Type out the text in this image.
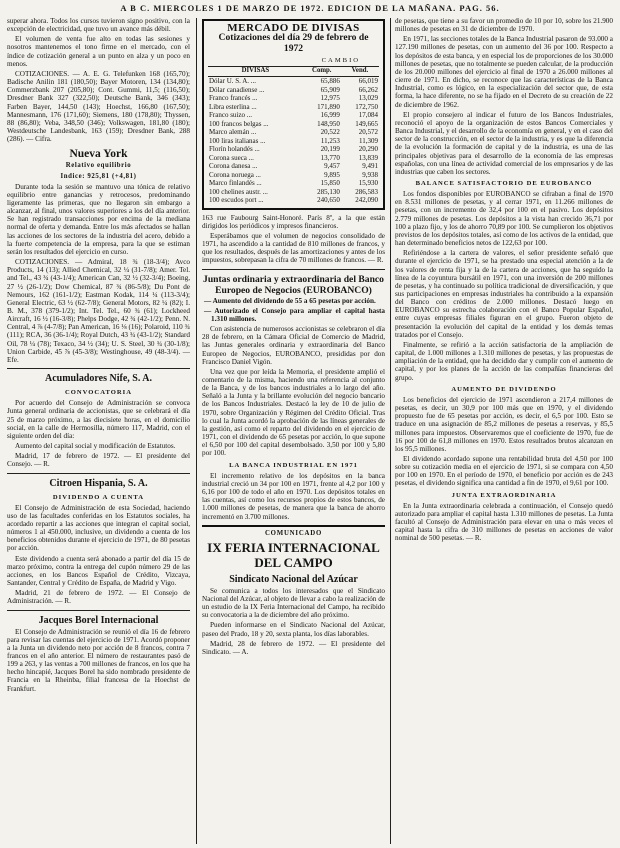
A B C. MIERCOLES 1 DE MARZO DE 1972. EDICION DE LA MAÑANA. PAG. 56.

superar ahora. Todos los cursos tuvieron signo positivo, con la excepción de electricidad, que tuvo un avance más débil.

El volumen de venta fue alto en todas las sesiones y nosotros mantenemos el tono firme en el mercado, con el índice de cotización general a un punto en alza y un poco en menos.

COTIZACIONES. — A. E. G. Telefunken 168 (165,70); Badische Anilin 181 (180,50); Bayer Motoren, 134 (134,80); Commerzbank 207 (205,80); Cont. Gummi, 11,5; (116,50); Dresdner Bank 327 (322,50); Deutsche Bank, 346 (343); Farben Bayer, 144,50 (143); Hoechst, 166,80 (167,50); Mannesmann, 176 (171,60); Siemens, 180 (178,80); Thyssen, 88 (86,80); Veba, 348,50 (346); Volkswagen, 181,80 (180); Westdeutsche Landesbank, 163 (159); Dresdner Bank, 288 (286). — Cifra.

Nueva York
Relativo equilibrio
Indice: 925,81 (+4,81)

Durante toda la sesión se mantuvo una tónica de relativo equilibrio entre ganancias y retrocesos, predominando ligeramente las primeras, que no llegaron sin embargo a alcanzar, al final, unos valores superiores a los del día anterior. Se han registrado transacciones por encima de la mediana normal de oferta y demanda. Entre los más afectados se hallan las acciones de los sectores de la industria del acero, debido a la fuerte competencia de la empresa, para la que se estiman serán los resultados del ejercicio en curso.

COTIZACIONES. — Admiral, 18 ¾ (18-3/4); Avco Products, 14 (13); Allied Chemical, 32 ¼ (31-7/8); Amer. Tel. and Tel., 43 ¾ (43-1/4); American Can, 32 ½ (32-3/4); Boeing, 27 ½ (26-1/2); Dow Chemical, 87 ¾ (86-5/8); Du Pont de Nemours, 162 (161-1/2); Eastman Kodak, 114 ¼ (113-3/4); General Electric, 63 ½ (62-7/8); General Motors, 82 ¼ (82); I. B. M., 378 (379-1/2); Int. Tel. Tel., 60 ¾ (61); Lockheed Aircraft, 16 ½ (16-3/8); Phelps Dodge, 42 ¾ (42-1/2); Penn. N. Central, 4 ⅞ (4-7/8); Pan American, 16 ⅛ (16); Polaroid, 110 ¾ (111); RCA, 36 (36-1/4); Royal Dutch, 43 ¾ (43-1/2); Standard Oil, 78 ¼ (78); Texaco, 34 ½ (34); U. S. Steel, 30 ¾ (30-1/8); Union Carbide, 45 ⅞ (45-3/8); Westinghouse, 49 (48-3/4). — Efe.

Acumuladores Nife, S. A.
CONVOCATORIA

Por acuerdo del Consejo de Administración se convoca Junta general ordinaria de accionistas, que se celebrará el día 25 de marzo próximo, a las diecisiete horas, en el domicilio social, en la calle de Hermosilla, número 117, Madrid, con el siguiente orden del día:

Aumento del capital social y modificación de Estatutos.

Madrid, 17 de febrero de 1972. — El presidente del Consejo. — R.

Citroen Hispania, S. A.
DIVIDENDO A CUENTA

El Consejo de Administración de esta Sociedad, haciendo uso de las facultades conferidas en los Estatutos sociales, ha acordado repartir a las acciones que integran el capital social, números 1 al 450.000, inclusive, un dividendo a cuenta de los beneficios obtenidos durante el ejercicio de 1971, de 80 pesetas por acción.

Este dividendo a cuenta será abonado a partir del día 15 de marzo próximo, contra la entrega del cupón número 29 de las acciones, en los Bancos Español de Crédito, Vizcaya, Santander, Central y Crédito de España, de Madrid y Vigo.

Madrid, 21 de febrero de 1972. — El Consejo de Administración. — R.

Jacques Borel Internacional

El Consejo de Administración se reunió el día 16 de febrero para revisar las cuentas del ejercicio de 1971. Acordó proponer a la Junta un dividendo neto por acción de 8 francos, contra 7 francos en el año anterior. El número de restaurantes pasó de 199 a 263, y las ventas a 700 millones de francos, en los que ha hecho hincapié, Jacques Borel ha sido nombrado presidente de Francia en la Rheinba, filial francesa de la Hoechst de Frankfurt.

MERCADO DE DIVISAS
Cotizaciones del día 29 de febrero de 1972
	CAMBIO	
DIVISAS	Comp.	Vend.
Dólar U. S. A. ...	65,886	66,019
Dólar canadiense ...	65,909	66,262
Franco francés ...	12,975	13,029
Libra esterlina ...	171,890	172,750
Franco suizo ...	16,999	17,084
100 francos belgas ...	148,950	149,665
Marco alemán ...	20,522	20,572
100 liras italianas ...	11,253	11,309
Florín holandés ...	20,199	20,290
Corona sueca ...	13,770	13,839
Corona danesa ...	9,457	9,491
Corona noruega ...	9,895	9,938
Marco finlandés ...	15,850	15,930
100 chelines austr. ...	285,130	286,583
100 escudos port ...	240,650	242,090

163 rue Faubourg Saint-Honoré. París 8º, a la que están dirigidos los periódicos y impresos financieros.

Esperábamos que el volumen de negocios consolidado de 1971, ha ascendido a la cantidad de 810 millones de francos, y que los resultados, después de las amortizaciones y antes de los impuestos, sobrepasan la cifra de 70 millones de francos. — R.

Juntas ordinaria y extraordinaria del Banco Europeo de Negocios (EUROBANCO)

— Aumento del dividendo de 55 a 65 pesetas por acción.

— Autorizado el Consejo para ampliar el capital hasta 1.310 millones.

Con asistencia de numerosos accionistas se celebraron el día 28 de febrero, en la Cámara Oficial de Comercio de Madrid, las Juntas generales ordinaria y extraordinaria del Banco Europeo de Negocios, EUROBANCO, presididas por don Francisco Daniel Vigón.

Una vez que por leída la Memoria, el presidente amplió el comentario de la misma, haciendo una referencia al conjunto de la Banca, y de los bancos industriales a lo largo del año. Señaló a la Junta y la brillante evolución del negocio bancario de los Bancos Industriales. Destacó la ley de 10 de julio de 1970, sobre Organización y Régimen del Crédito Oficial. Tras lo cual la Junta acordó la aprobación de las líneas generales de la gestión, así como el reparto del dividendo en el ejercicio de 1971, con el dividendo de 65 pesetas por acción, lo que supone el 6,50 por 100 del capital desembolsado. 3,50 por 100 y 5,80 por 100.

LA BANCA INDUSTRIAL EN 1971

El incremento relativo de los depósitos en la banca industrial creció un 34 por 100 en 1971, frente al 4,2 por 100 y 6,16 por 100 de todo el año en 1970. Los depósitos totales en las cuentas, así como los recursos propios de estos bancos, de 1.000 millones de pesetas, de manera que la banca de ahorro incrementó en 3.700 millones.

COMUNICADO
IX FERIA INTERNACIONAL DEL CAMPO
Sindicato Nacional del Azúcar

Se comunica a todos los interesados que el Sindicato Nacional del Azúcar, al objeto de llevar a cabo la realización de un estudio de la IX Feria Internacional del Campo, ha recibido su convocatoria a la de diciembre del año próximo.

Pueden informarse en el Sindicato Nacional del Azúcar, paseo del Prado, 18 y 20, sexta planta, los días laborables.

Madrid, 28 de febrero de 1972. — El presidente del Sindicato. — A.

de pesetas, que tiene a su favor un promedio de 10 por 10, sobre los 21.900 millones de pesetas en 31 de diciembre de 1970.

En 1971, las secciones totales de la Banca Industrial pasaron de 93.000 a 127.190 millones de pesetas, con un aumento del 36 por 100. Respecto a los depósitos de esta banca, y en especial los de proporciones de los 30.000 millones de pesetas, que no totalmente se pueden calcular, de la producción de los 20.000 millones del ejercicio al final de 1970 a 26.000 millones al cierre de 1971. En dicho, se reconoce que las características de la Banca Industrial, como es lógico, en la especialización del sector que, de esta forma, la hace diferente, no se ha fijado en el Decreto de su creación de 22 de diciembre de 1962.

El propio consejero al indicar el futuro de los Bancos Industriales, reconoció el apoyo de la organización de estos Bancos Comerciales y Banca Industrial, y el desarrollo de la economía en general, y en el caso del sector de la construcción, en el sector de la industria, y es que la diferencia de la evolución la formación de capital y de la industria, es una de las principales objetivas para el desarrollo de la economía de las empresas españolas, con una línea de actividad comercial de los empresarios y de las industrias que caben los sectores.

BALANCE SATISFACTORIO DE EUROBANCO

Los fondos disponibles por EUROBANCO se cifraban a final de 1970 en 8.531 millones de pesetas, y al cerrar 1971, en 11.266 millones de pesetas, con un incremento de 32,4 por 100 en el pasivo. Los depósitos 2.779 millones de pesetas. Los depósitos a la vista han crecido 36,71 por 100 a plazo fijo, y los de ahorro 70,89 por 100. Se cumplieron los objetivos previstos de los depósitos totales, así como de los activos de la entidad, que han determinado beneficios netos de 122,63 por 100.

Refiriéndose a la cartera de valores, el señor presidente señaló que durante el ejercicio de 1971, se ha prestado una especial atención a la de los valores de renta fija y la de la cartera de acciones, que ha seguido la línea de la coyuntura bursátil en 1971, con una inversión de 200 millones de pesetas, y ha continuado su política tradicional de diversificación, y que sus participaciones en empresas industriales ha contribuido a la expansión del Banco con créditos de 2.000 millones. Destacó luego en EUROBANCO su estrecha colaboración con el Banco Popular Español, entre cuyas empresas filiales figuran en el grupo. Fueron objeto de presentación la evolución del capital de la entidad y los demás temas tratados por el Consejo.

Finalmente, se refirió a la acción satisfactoria de la ampliación de capital, de 1.000 millones a 1.310 millones de pesetas, y las propuestas de ampliación de la entidad, que ha decidido dar y cumplir con el aumento de capital, y por los planes de la acción de las compañías financieras del grupo.

AUMENTO DE DIVIDENDO

Los beneficios del ejercicio de 1971 ascendieron a 217,4 millones de pesetas, es decir, un 30,9 por 100 más que en 1970, y el dividendo propuesto fue de 65 pesetas por acción, es decir, el 6,5 por 100. Esto se traduce en una asignación de 85,2 millones de pesetas a reservas, y 85,5 millones para impuestos. Observaremos que el coeficiente de 1970, fue de 16 por 100 de 61,8 millones en 1970. Estos resultados brutos alcanzan en los 95,5 millones.

El dividendo acordado supone una rentabilidad bruta del 4,50 por 100 sobre su cotización media en el ejercicio de 1971, si se compara con 4,50 por 100 en 1970. En el período de 1970, el beneficio por acción es de 243 pesetas, el dividendo significa una cantidad a fin de 1970, el 9,61 por 100.

JUNTA EXTRAORDINARIA

En la Junta extraordinaria celebrada a continuación, el Consejo quedó autorizado para ampliar el capital hasta 1.310 millones de pesetas. La Junta facultó al Consejo de Administración para elevar en una o más veces el capital hasta la cifra de 310 millones de pesetas en acciones de valor nominal de 500 pesetas. — R.
